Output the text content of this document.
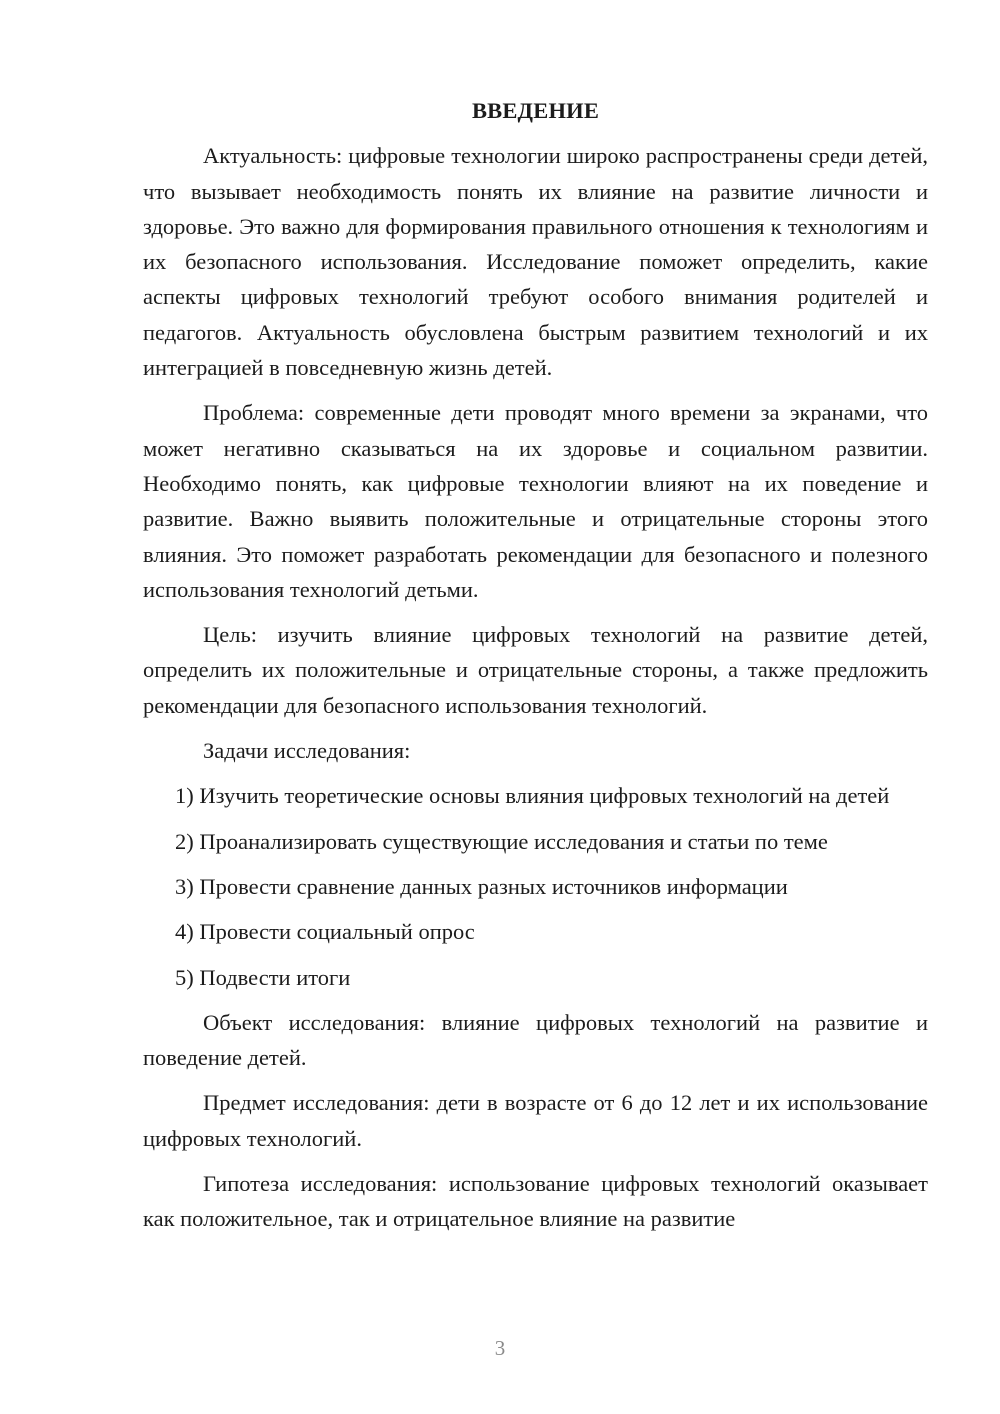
ВВЕДЕНИЕ

Актуальность: цифровые технологии широко распространены среди детей, что вызывает необходимость понять их влияние на развитие личности и здоровье. Это важно для формирования правильного отношения к технологиям и их безопасного использования. Исследование поможет определить, какие аспекты цифровых технологий требуют особого внимания родителей и педагогов. Актуальность обусловлена быстрым развитием технологий и их интеграцией в повседневную жизнь детей.

Проблема: современные дети проводят много времени за экранами, что может негативно сказываться на их здоровье и социальном развитии. Необходимо понять, как цифровые технологии влияют на их поведение и развитие. Важно выявить положительные и отрицательные стороны этого влияния. Это поможет разработать рекомендации для безопасного и полезного использования технологий детьми.

Цель: изучить влияние цифровых технологий на развитие детей, определить их положительные и отрицательные стороны, а также предложить рекомендации для безопасного использования технологий.

Задачи исследования:

1) Изучить теоретические основы влияния цифровых технологий на детей

2) Проанализировать существующие исследования и статьи по теме

3) Провести сравнение данных разных источников информации

4) Провести социальный опрос

5) Подвести итоги

Объект исследования: влияние цифровых технологий на развитие и поведение детей.

Предмет исследования: дети в возрасте от 6 до 12 лет и их использование цифровых технологий.

Гипотеза исследования: использование цифровых технологий оказывает как положительное, так и отрицательное влияние на развитие

3
